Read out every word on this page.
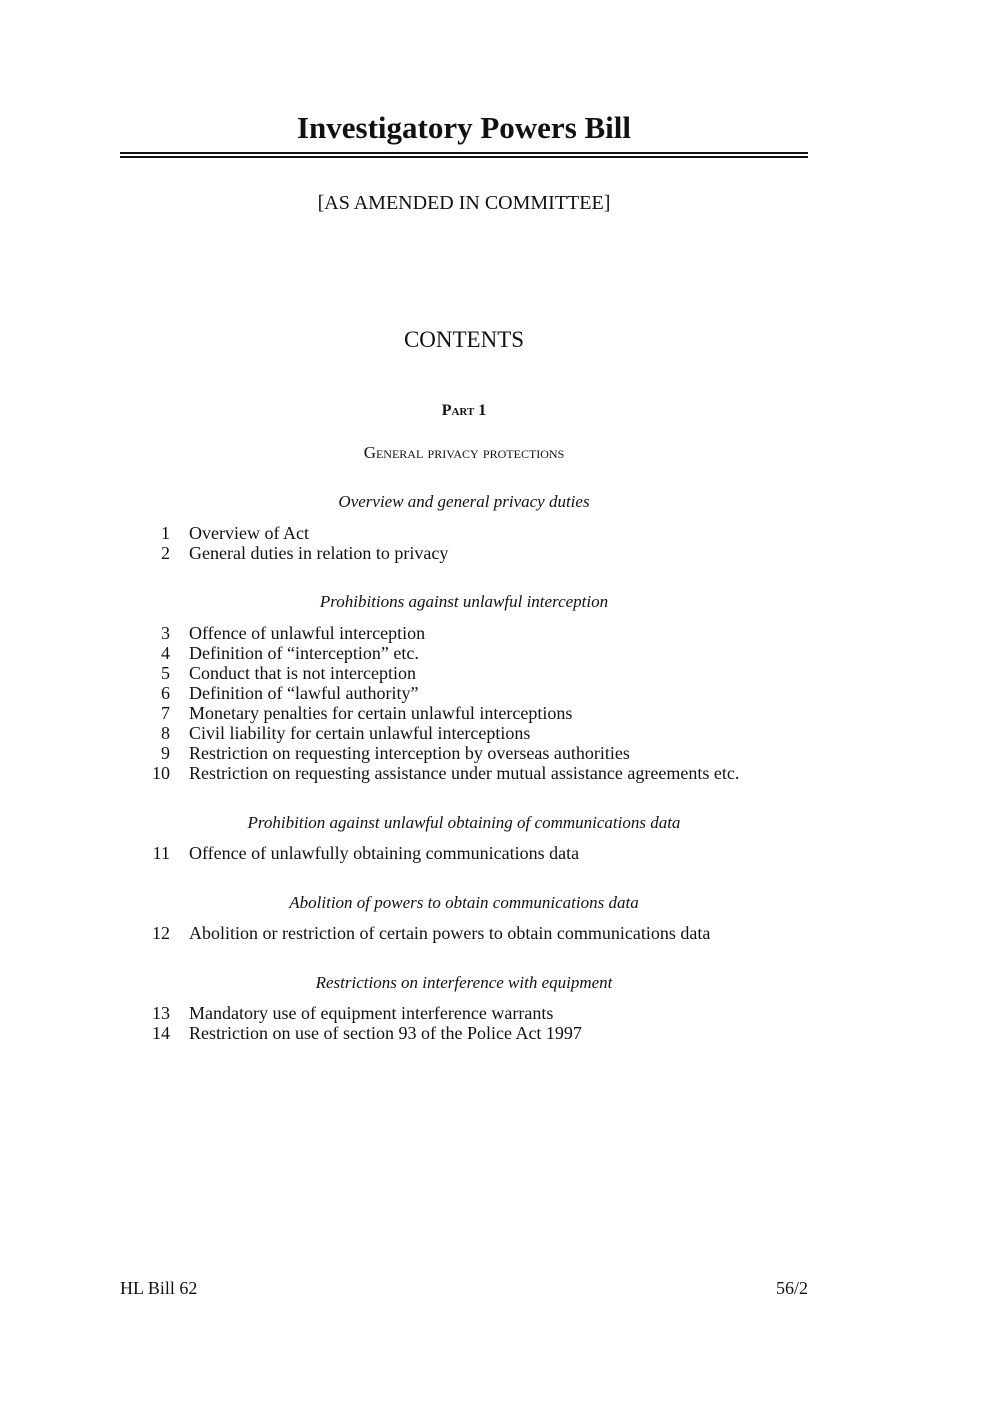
Investigatory Powers Bill
[AS AMENDED IN COMMITTEE]
CONTENTS
Part 1
General privacy protections
Overview and general privacy duties
1 Overview of Act
2 General duties in relation to privacy
Prohibitions against unlawful interception
3 Offence of unlawful interception
4 Definition of “interception” etc.
5 Conduct that is not interception
6 Definition of “lawful authority”
7 Monetary penalties for certain unlawful interceptions
8 Civil liability for certain unlawful interceptions
9 Restriction on requesting interception by overseas authorities
10 Restriction on requesting assistance under mutual assistance agreements etc.
Prohibition against unlawful obtaining of communications data
11 Offence of unlawfully obtaining communications data
Abolition of powers to obtain communications data
12 Abolition or restriction of certain powers to obtain communications data
Restrictions on interference with equipment
13 Mandatory use of equipment interference warrants
14 Restriction on use of section 93 of the Police Act 1997
HL Bill 62	56/2
